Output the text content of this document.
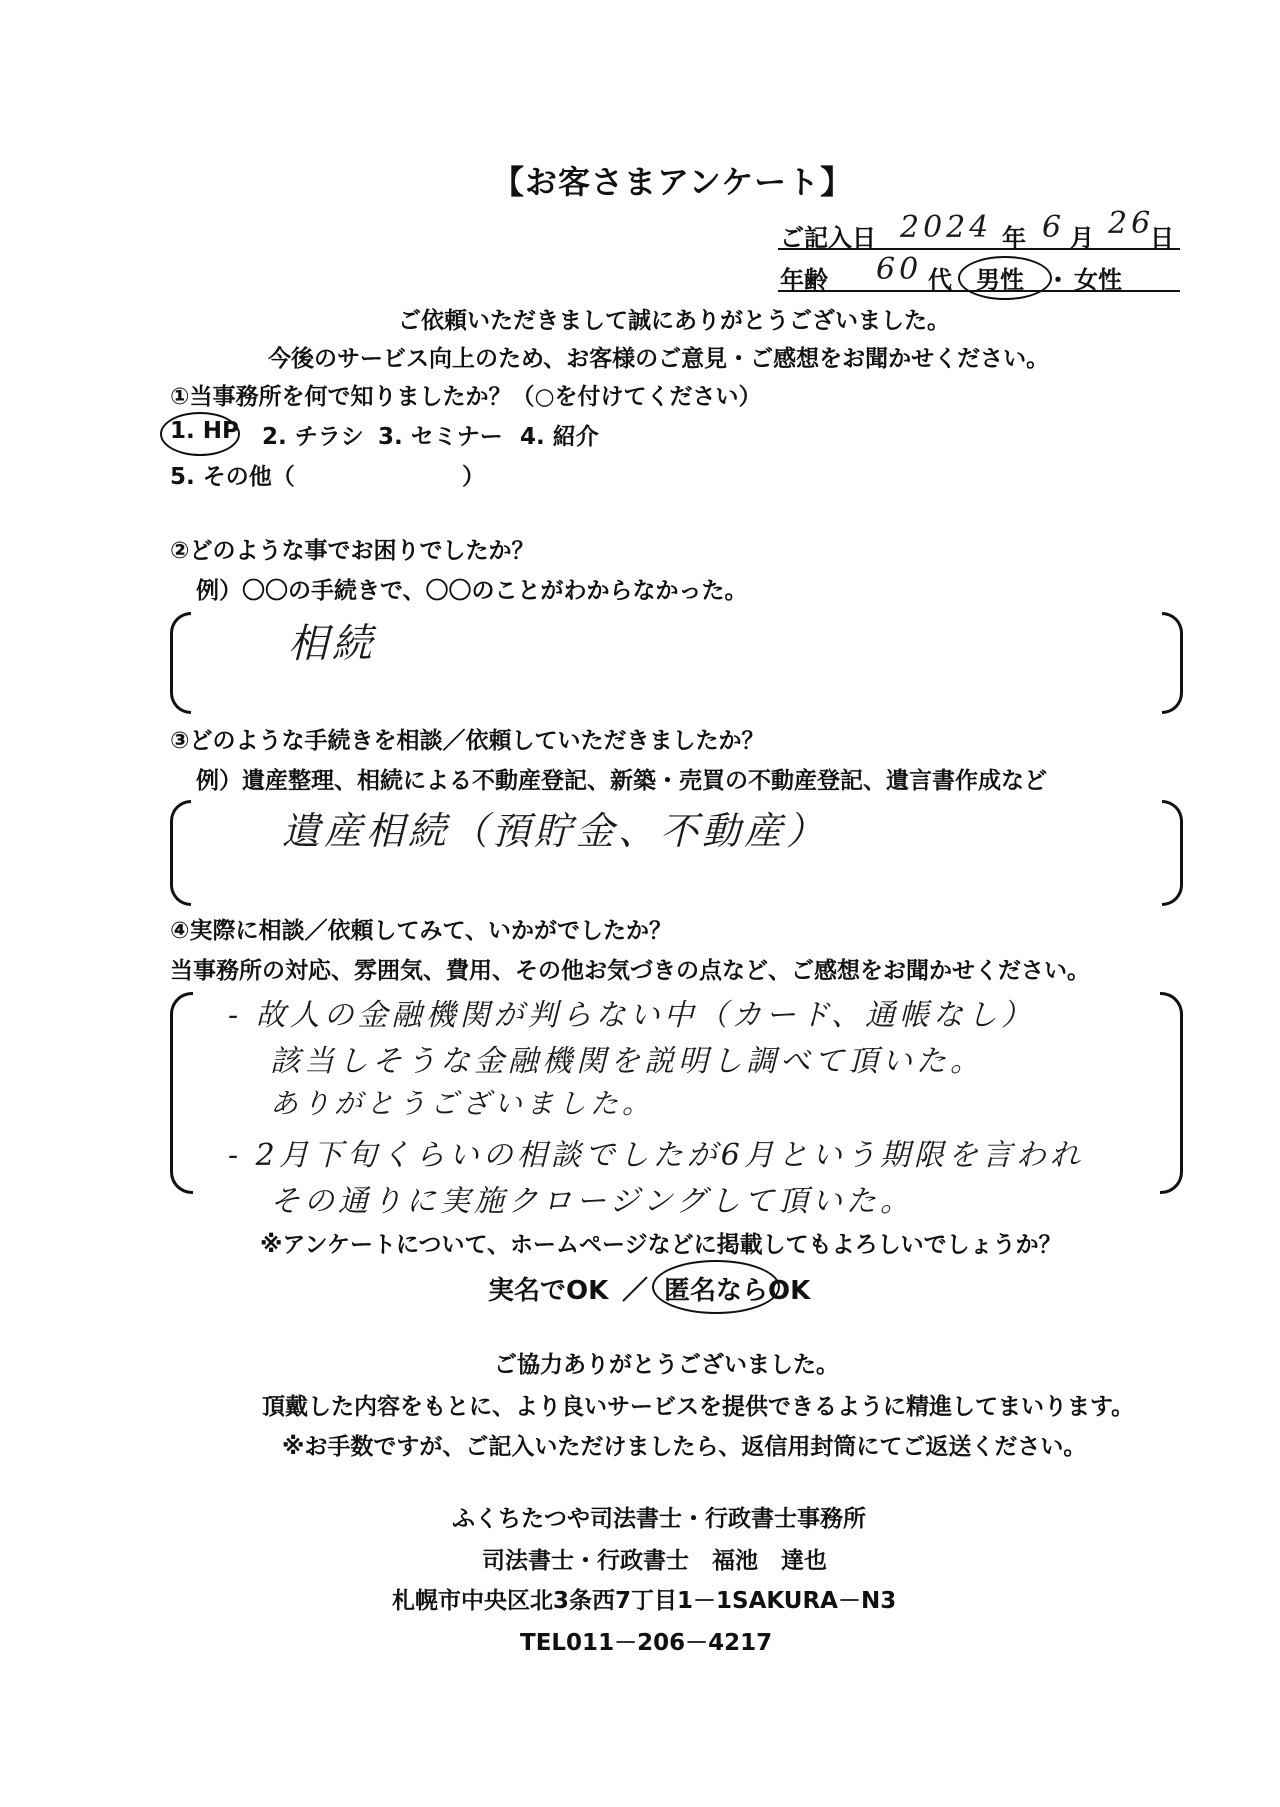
【お客さまアンケート】
ご記入日 2024 年 6 月 26
日
年齢 60 代 男性 ・ 女性
ご依頼いただきまして誠にありがとうございました。
今後のサービス向上のため、お客様のご意見・ご感想をお聞かせください。
①当事務所を何で知りましたか？（○を付けてください）
1. HP 2. チラシ 3. セミナー 4. 紹介
5. その他（	）
②どのような事でお困りでしたか？
例）〇〇の手続きで、〇〇のことがわからなかった。
相続
③どのような手続きを相談／依頼していただきましたか？
例）遺産整理、相続による不動産登記、新築・売買の不動産登記、遺言書作成など
遺産相続（預貯金、不動産）
④実際に相談／依頼してみて、いかがでしたか？
当事務所の対応、雰囲気、費用、その他お気づきの点など、ご感想をお聞かせください。
- 故人の金融機関が判らない中（カード、通帳なし）
該当しそうな金融機関を説明し調べて頂いた。
ありがとうございました。
- 2月下旬くらいの相談でしたが6月という期限を言われ
その通りに実施クロージングして頂いた。
※アンケートについて、ホームページなどに掲載してもよろしいでしょうか？
実名でOK ／ 匿名ならOK
ご協力ありがとうございました。
頂戴した内容をもとに、より良いサービスを提供できるように精進してまいります。
※お手数ですが、ご記入いただけましたら、返信用封筒にてご返送ください。
ふくちたつや司法書士・行政書士事務所
司法書士・行政書士　福池　達也
札幌市中央区北3条西7丁目1－1SAKURA－N3
TEL011－206－4217
